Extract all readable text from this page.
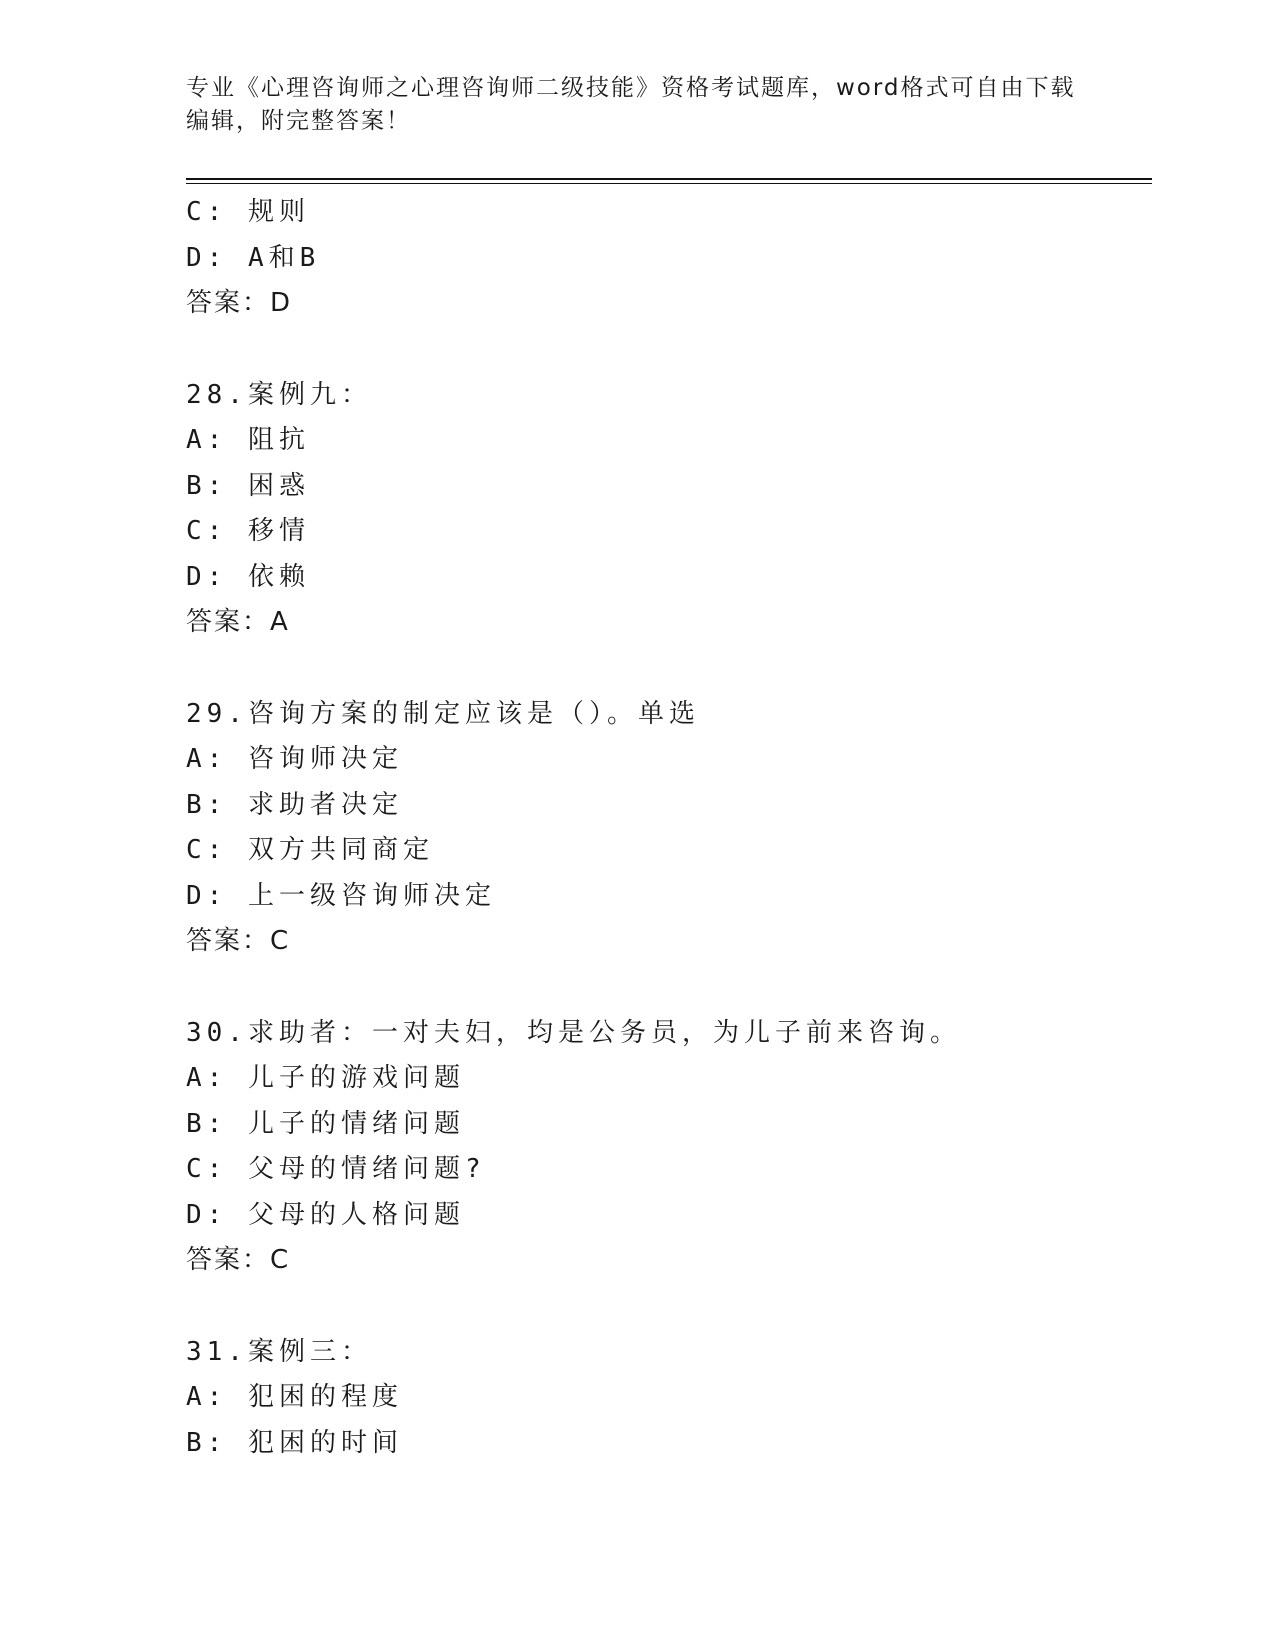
专业《心理咨询师之心理咨询师二级技能》资格考试题库，word格式可自由下载
编辑，附完整答案！
C: 规则
D: A和B
答案：D
28.案例九：
A: 阻抗
B: 困惑
C: 移情
D: 依赖
答案：A
29.咨询方案的制定应该是（）。单选
A: 咨询师决定
B: 求助者决定
C: 双方共同商定
D: 上一级咨询师决定
答案：C
30.求助者：一对夫妇，均是公务员，为儿子前来咨询。
A: 儿子的游戏问题
B: 儿子的情绪问题
C: 父母的情绪问题?
D: 父母的人格问题
答案：C
31.案例三：
A: 犯困的程度
B: 犯困的时间
